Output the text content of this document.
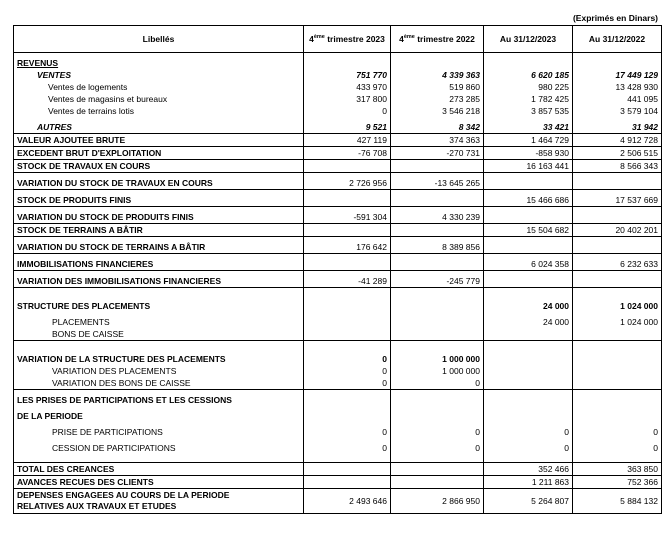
(Exprimés en Dinars)
Libellés	4ème trimestre 2023	4ème trimestre 2022	Au 31/12/2023	Au 31/12/2022
REVENUS				
VENTES	751 770	4 339 363	6 620 185	17 449 129
Ventes de logements	433 970	519 860	980 225	13 428 930
Ventes de magasins et bureaux	317 800	273 285	1 782 425	441 095
Ventes de terrains lotis	0	3 546 218	3 857 535	3 579 104
AUTRES	9 521	8 342	33 421	31 942
VALEUR AJOUTEE BRUTE	427 119	374 363	1 464 729	4 912 728
EXCEDENT BRUT D'EXPLOITATION	-76 708	-270 731	-858 930	2 506 515
STOCK DE TRAVAUX EN COURS			16 163 441	8 566 343
VARIATION DU STOCK DE TRAVAUX EN COURS	2 726 956	-13 645 265		
STOCK DE PRODUITS FINIS			15 466 686	17 537 669
VARIATION DU STOCK DE PRODUITS FINIS	-591 304	4 330 239		
STOCK DE TERRAINS A BÂTIR			15 504 682	20 402 201
VARIATION DU STOCK DE TERRAINS A BÂTIR	176 642	8 389 856		
IMMOBILISATIONS FINANCIERES			6 024 358	6 232 633
VARIATION DES IMMOBILISATIONS FINANCIERES	-41 289	-245 779		

STRUCTURE DES PLACEMENTS			24 000	1 024 000
PLACEMENTS			24 000	1 024 000
BONS DE CAISSE				

VARIATION DE LA STRUCTURE DES PLACEMENTS	0	1 000 000		
VARIATION DES PLACEMENTS	0	1 000 000		
VARIATION DES BONS DE CAISSE	0	0		
LES PRISES DE PARTICIPATIONS ET LES CESSIONS				
DE LA PERIODE				
PRISE DE PARTICIPATIONS	0	0	0	0
CESSION DE PARTICIPATIONS	0	0	0	0

TOTAL DES CREANCES			352 466	363 850
AVANCES RECUES DES CLIENTS			1 211 863	752 366
DEPENSES ENGAGEES AU COURS DE LA PERIODE
RELATIVES AUX TRAVAUX ET ETUDES	2 493 646	2 866 950	5 264 807	5 884 132
